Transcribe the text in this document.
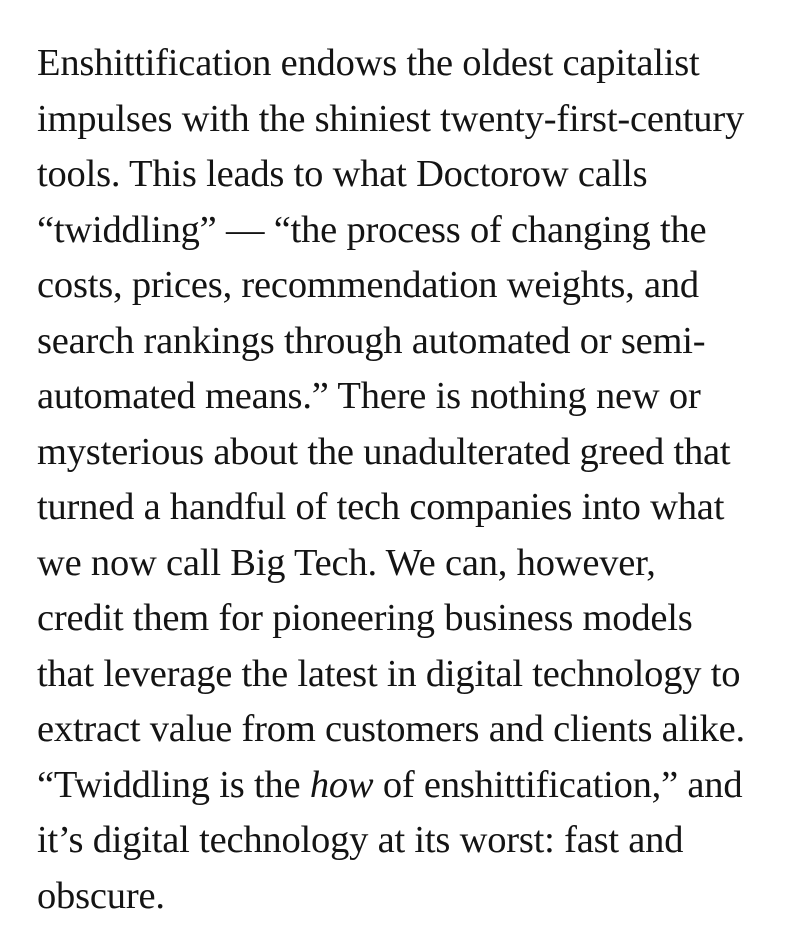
Enshittification endows the oldest capitalist
impulses with the shiniest twenty-first-century
tools. This leads to what Doctorow calls
“twiddling” — “the process of changing the
costs, prices, recommendation weights, and
search rankings through automated or semi-
automated means.” There is nothing new or
mysterious about the unadulterated greed that
turned a handful of tech companies into what
we now call Big Tech. We can, however,
credit them for pioneering business models
that leverage the latest in digital technology to
extract value from customers and clients alike.
“Twiddling is the how of enshittification,” and
it’s digital technology at its worst: fast and
obscure.
